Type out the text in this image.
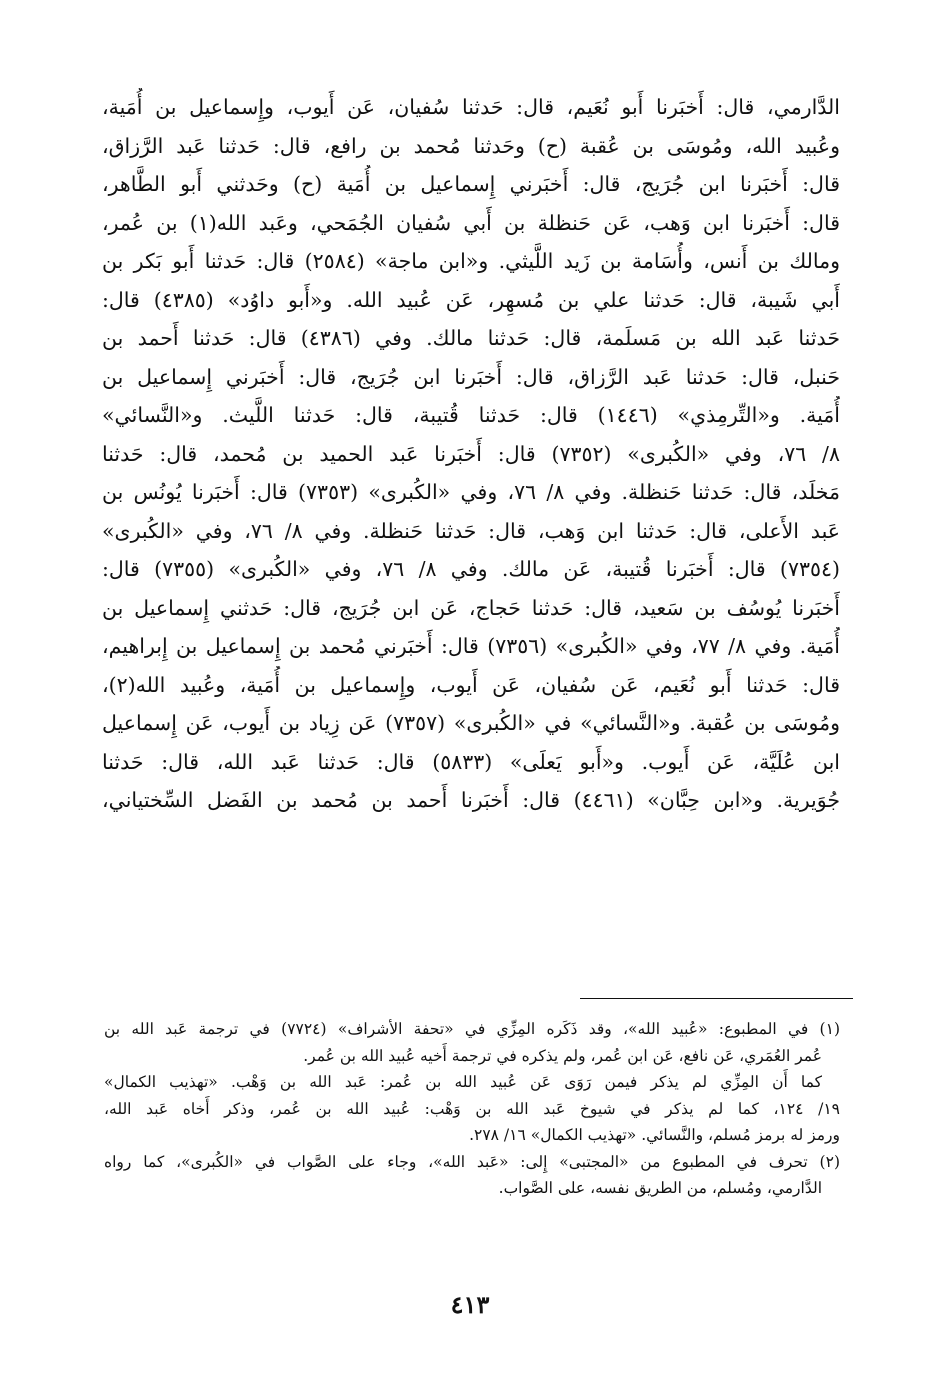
الدَّارمي، قال: أَخبَرنا أَبو نُعَيم، قال: حَدثنا سُفيان، عَن أَيوب، وإِسماعيل بن أُمَية،
وعُبيد الله، ومُوسَى بن عُقبة (ح) وحَدثنا مُحمد بن رافع، قال: حَدثنا عَبد الرَّزاق،
قال: أَخبَرنا ابن جُرَيج، قال: أَخبَرني إِسماعيل بن أُمَية (ح) وحَدثني أَبو الطَّاهر،
قال: أَخبَرنا ابن وَهب، عَن حَنظلة بن أَبي سُفيان الجُمَحي، وعَبد الله(١) بن عُمر،
ومالك بن أَنس، وأُسَامة بن زَيد اللَّيثي. و«ابن ماجة» (٢٥٨٤) قال: حَدثنا أَبو بَكر بن
أَبي شَيبة، قال: حَدثنا علي بن مُسهِر، عَن عُبيد الله. و«أَبو داوُد» (٤٣٨٥) قال:
حَدثنا عَبد الله بن مَسلَمة، قال: حَدثنا مالك. وفي (٤٣٨٦) قال: حَدثنا أَحمد بن
حَنبل، قال: حَدثنا عَبد الرَّزاق، قال: أَخبَرنا ابن جُرَيج، قال: أَخبَرني إِسماعيل بن
أُمَية. و«التِّرمِذي» (١٤٤٦) قال: حَدثنا قُتيبة، قال: حَدثنا اللَّيث. و«النَّسائي»
٨/ ٧٦، وفي «الكُبرى» (٧٣٥٢) قال: أَخبَرنا عَبد الحميد بن مُحمد، قال: حَدثنا
مَخلَد، قال: حَدثنا حَنظلة. وفي ٨/ ٧٦، وفي «الكُبرى» (٧٣٥٣) قال: أَخبَرنا يُونُس بن
عَبد الأَعلى، قال: حَدثنا ابن وَهب، قال: حَدثنا حَنظلة. وفي ٨/ ٧٦، وفي «الكُبرى»
(٧٣٥٤) قال: أَخبَرنا قُتيبة، عَن مالك. وفي ٨/ ٧٦، وفي «الكُبرى» (٧٣٥٥) قال:
أَخبَرنا يُوسُف بن سَعيد، قال: حَدثنا حَجاج، عَن ابن جُرَيج، قال: حَدثني إِسماعيل بن
أُمَية. وفي ٨/ ٧٧، وفي «الكُبرى» (٧٣٥٦) قال: أَخبَرني مُحمد بن إِسماعيل بن إِبراهيم،
قال: حَدثنا أَبو نُعَيم، عَن سُفيان، عَن أَيوب، وإِسماعيل بن أُمَية، وعُبيد الله(٢)،
ومُوسَى بن عُقبة. و«النَّسائي» في «الكُبرى» (٧٣٥٧) عَن زِياد بن أَيوب، عَن إِسماعيل
ابن عُلَيَّة، عَن أَيوب. و«أَبو يَعلَى» (٥٨٣٣) قال: حَدثنا عَبد الله، قال: حَدثنا
جُوَيرية. و«ابن حِبَّان» (٤٤٦١) قال: أَخبَرنا أَحمد بن مُحمد بن الفَضل السِّختياني،
(١) في المطبوع: «عُبيد الله»، وقد ذَكَره المِزِّي في «تحفة الأشراف» (٧٧٢٤) في ترجمة عَبد الله بن
عُمر العُمَري، عَن نافع، عَن ابن عُمر، ولم يذكره في ترجمة أَخيه عُبيد الله بن عُمر.
كما أَن المِزِّي لم يذكر فيمن رَوَى عَن عُبيد الله بن عُمر: عَبد الله بن وَهْب. «تهذيب الكمال»
١٩/ ١٢٤، كما لم يذكر في شيوخ عَبد الله بن وَهْب: عُبيد الله بن عُمر، وذكر أَخاه عَبد الله،
ورمز له برمز مُسلم، والنَّسائي. «تهذيب الكمال» ١٦/ ٢٧٨.
(٢) تحرف في المطبوع من «المجتبى» إِلى: «عَبد الله»، وجاء على الصَّواب في «الكُبرى»، كما رواه
الدَّارمي، ومُسلم، من الطريق نفسه، على الصَّواب.
٤١٣
